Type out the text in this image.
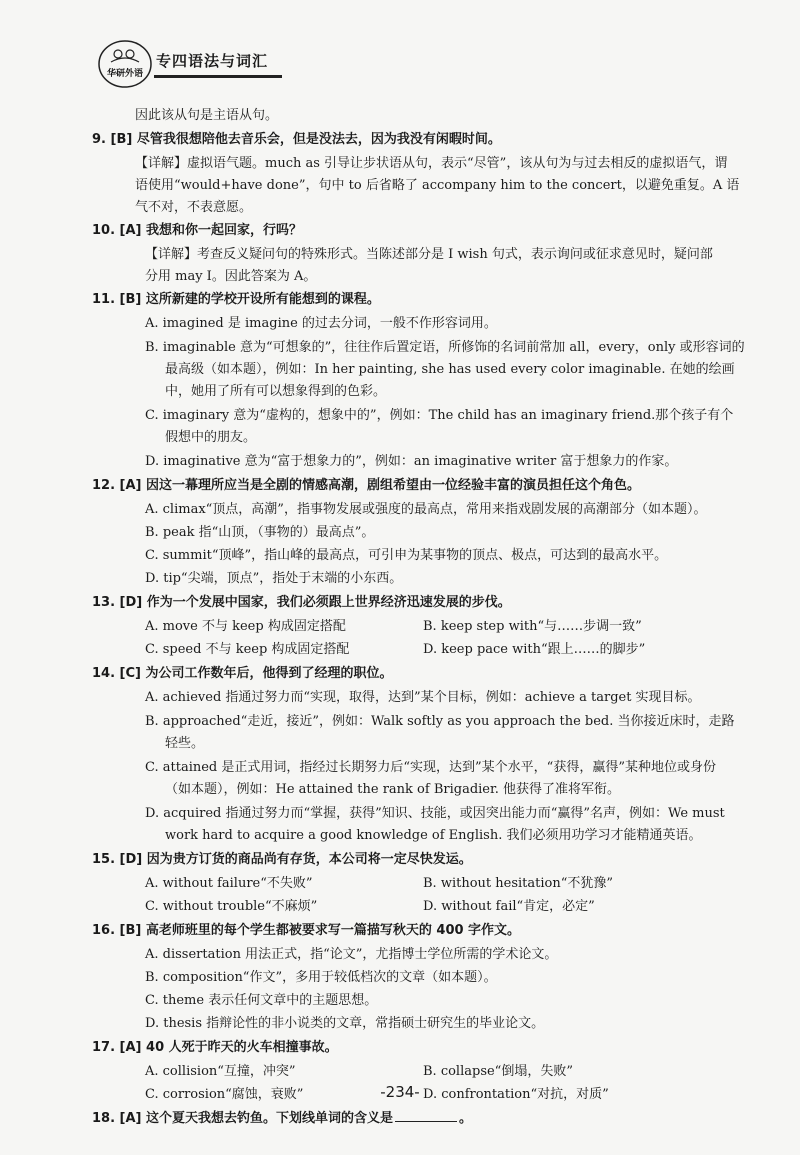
华研外语
专四语法与词汇
因此该从句是主语从句。
9. [B] 尽管我很想陪他去音乐会，但是没法去，因为我没有闲暇时间。
【详解】虚拟语气题。much as 引导让步状语从句，表示“尽管”，该从句为与过去相反的虚拟语气，谓
语使用“would+have done”，句中 to 后省略了 accompany him to the concert，以避免重复。A 语
气不对，不表意愿。
10. [A] 我想和你一起回家，行吗？
【详解】考查反义疑问句的特殊形式。当陈述部分是 I wish 句式，表示询问或征求意见时，疑问部
分用 may I。因此答案为 A。
11. [B] 这所新建的学校开设所有能想到的课程。
A. imagined 是 imagine 的过去分词，一般不作形容词用。
B. imaginable 意为“可想象的”，往往作后置定语，所修饰的名词前常加 all，every，only 或形容词的
最高级（如本题），例如：In her painting, she has used every color imaginable. 在她的绘画
中，她用了所有可以想象得到的色彩。
C. imaginary 意为“虚构的，想象中的”，例如：The child has an imaginary friend.那个孩子有个
假想中的朋友。
D. imaginative 意为“富于想象力的”，例如：an imaginative writer 富于想象力的作家。
12. [A] 因这一幕理所应当是全剧的情感高潮，剧组希望由一位经验丰富的演员担任这个角色。
A. climax“顶点，高潮”，指事物发展或强度的最高点，常用来指戏剧发展的高潮部分（如本题）。
B. peak 指“山顶，（事物的）最高点”。
C. summit“顶峰”，指山峰的最高点，可引申为某事物的顶点、极点，可达到的最高水平。
D. tip“尖端，顶点”，指处于末端的小东西。
13. [D] 作为一个发展中国家，我们必须跟上世界经济迅速发展的步伐。
A. move 不与 keep 构成固定搭配	B. keep step with“与……步调一致”
C. speed 不与 keep 构成固定搭配	D. keep pace with“跟上……的脚步”
14. [C] 为公司工作数年后，他得到了经理的职位。
A. achieved 指通过努力而“实现，取得，达到”某个目标，例如：achieve a target 实现目标。
B. approached“走近，接近”，例如：Walk softly as you approach the bed. 当你接近床时，走路
轻些。
C. attained 是正式用词，指经过长期努力后“实现，达到”某个水平，“获得，赢得”某种地位或身份
（如本题），例如：He attained the rank of Brigadier. 他获得了准将军衔。
D. acquired 指通过努力而“掌握，获得”知识、技能，或因突出能力而“赢得”名声，例如：We must
work hard to acquire a good knowledge of English. 我们必须用功学习才能精通英语。
15. [D] 因为贵方订货的商品尚有存货，本公司将一定尽快发运。
A. without failure“不失败”	B. without hesitation“不犹豫”
C. without trouble“不麻烦”	D. without fail“肯定，必定”
16. [B] 高老师班里的每个学生都被要求写一篇描写秋天的 400 字作文。
A. dissertation 用法正式，指“论文”，尤指博士学位所需的学术论文。
B. composition“作文”，多用于较低档次的文章（如本题）。
C. theme 表示任何文章中的主题思想。
D. thesis 指辩论性的非小说类的文章，常指硕士研究生的毕业论文。
17. [A] 40 人死于昨天的火车相撞事故。
A. collision“互撞，冲突”	B. collapse“倒塌，失败”
C. corrosion“腐蚀，衰败”	D. confrontation“对抗，对质”
18. [A] 这个夏天我想去钓鱼。下划线单词的含义是	。
-234-
